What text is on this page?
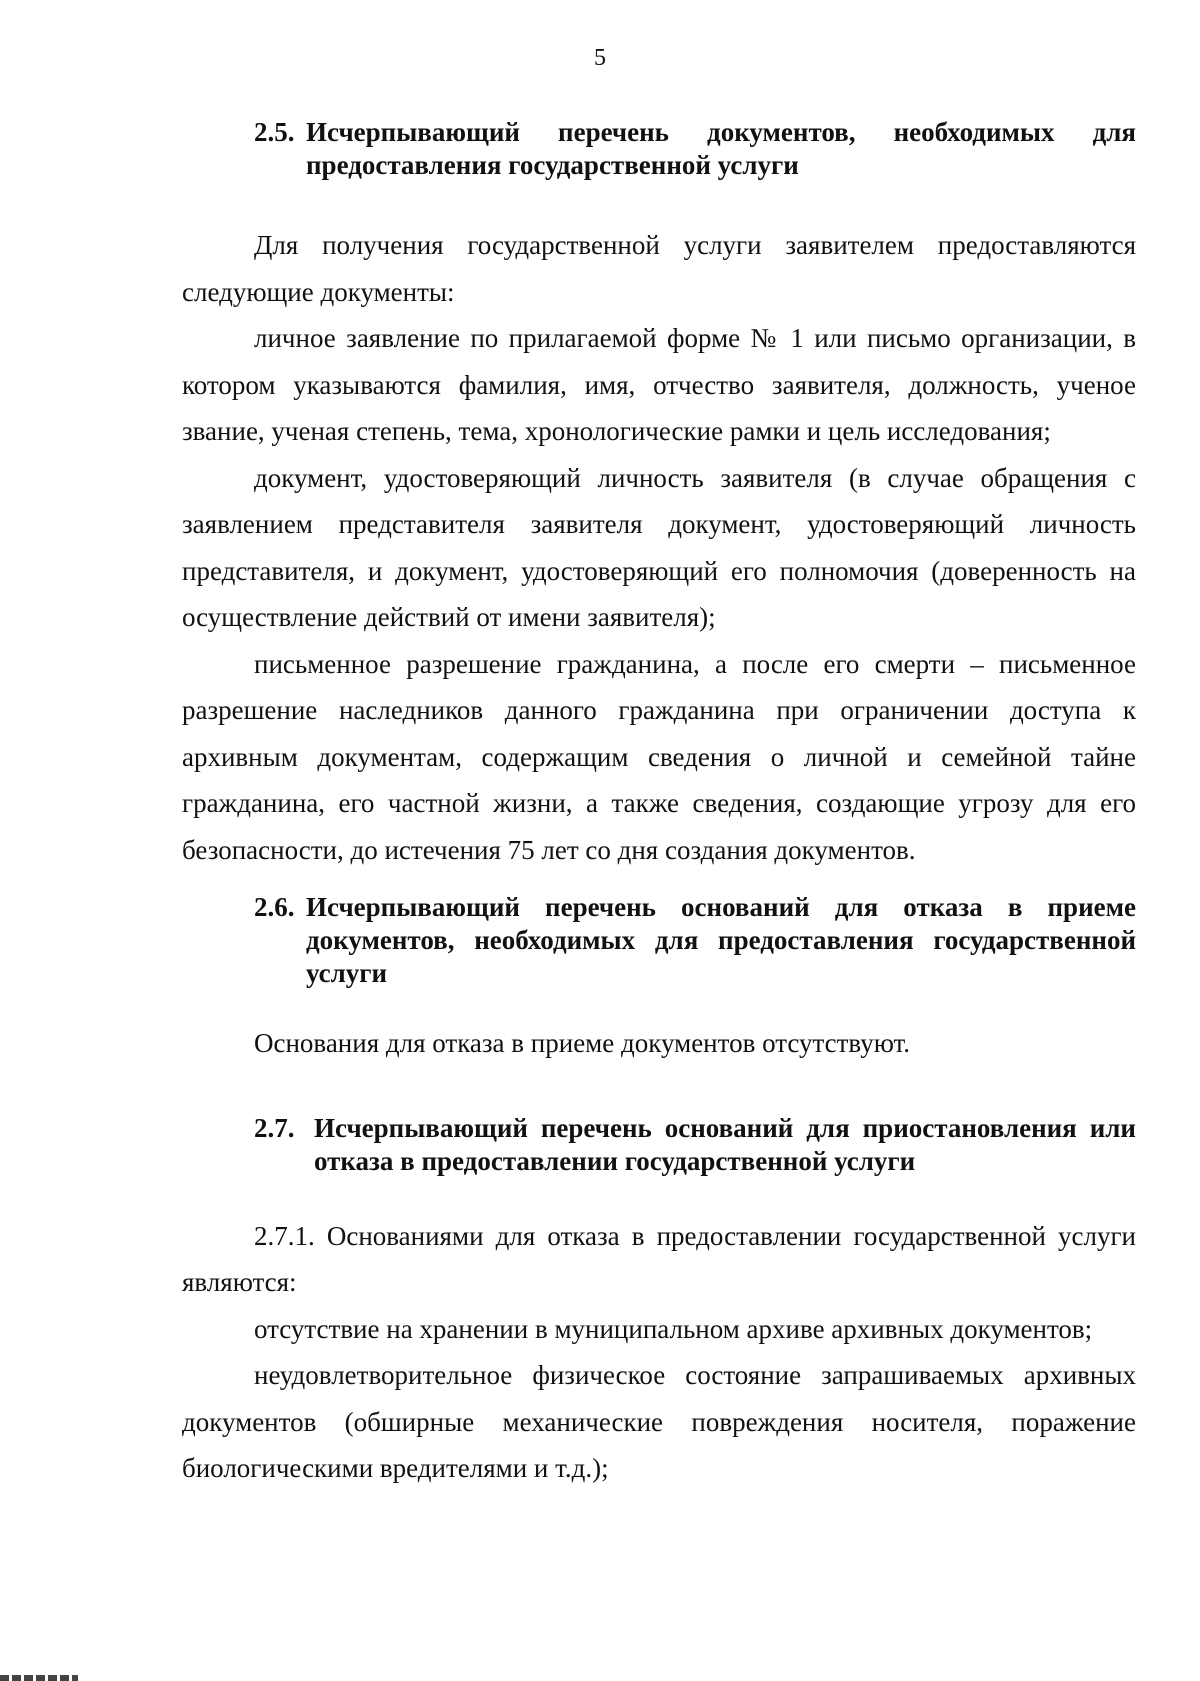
5
2.5. Исчерпывающий перечень документов, необходимых для предоставления государственной услуги

Для получения государственной услуги заявителем предоставляются следующие документы:

личное заявление по прилагаемой форме № 1 или письмо организации, в котором указываются фамилия, имя, отчество заявителя, должность, ученое звание, ученая степень, тема, хронологические рамки и цель исследования;

документ, удостоверяющий личность заявителя (в случае обращения с заявлением представителя заявителя документ, удостоверяющий личность представителя, и документ, удостоверяющий его полномочия (доверенность на осуществление действий от имени заявителя);

письменное разрешение гражданина, а после его смерти – письменное разрешение наследников данного гражданина при ограничении доступа к архивным документам, содержащим сведения о личной и семейной тайне гражданина, его частной жизни, а также сведения, создающие угрозу для его безопасности, до истечения 75 лет со дня создания документов.

2.6. Исчерпывающий перечень оснований для отказа в приеме документов, необходимых для предоставления государственной услуги

Основания для отказа в приеме документов отсутствуют.

2.7. Исчерпывающий перечень оснований для приостановления или отказа в предоставлении государственной услуги

2.7.1. Основаниями для отказа в предоставлении государственной услуги являются:

отсутствие на хранении в муниципальном архиве архивных документов;

неудовлетворительное физическое состояние запрашиваемых архивных документов (обширные механические повреждения носителя, поражение биологическими вредителями и т.д.);
